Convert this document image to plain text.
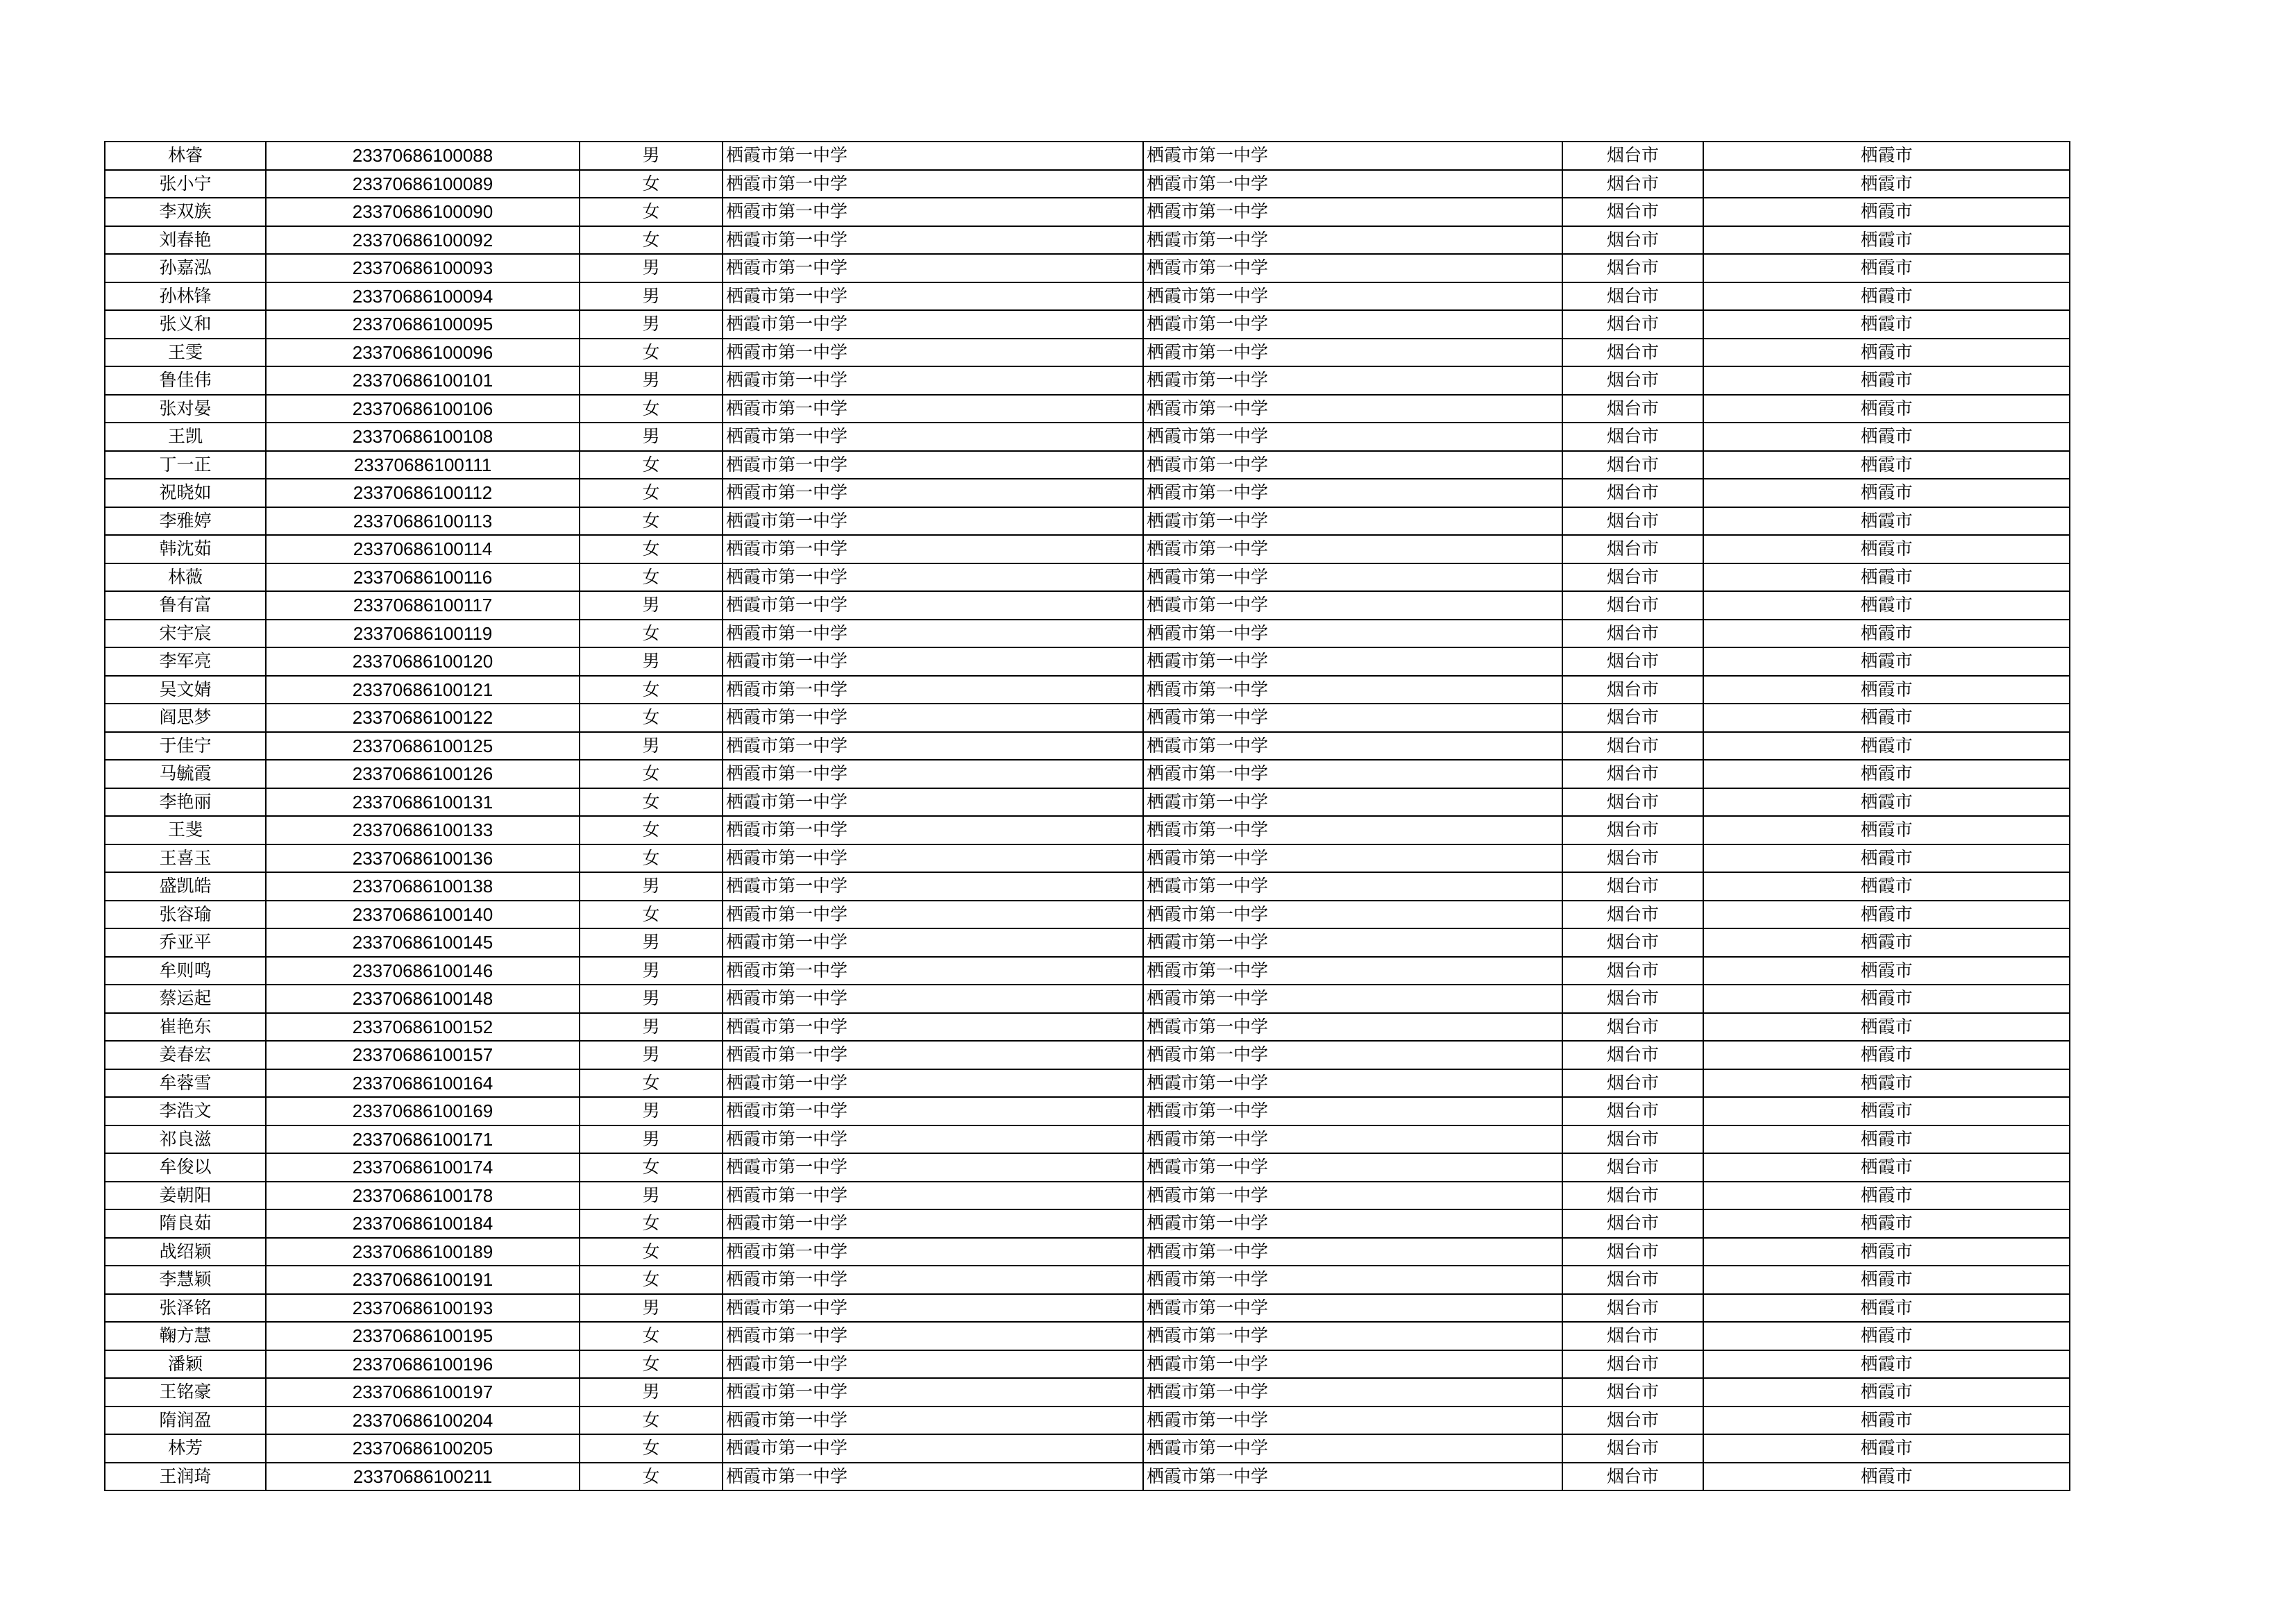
林睿	23370686100088	男	栖霞市第一中学	栖霞市第一中学	烟台市	栖霞市
张小宁	23370686100089	女	栖霞市第一中学	栖霞市第一中学	烟台市	栖霞市
李双族	23370686100090	女	栖霞市第一中学	栖霞市第一中学	烟台市	栖霞市
刘春艳	23370686100092	女	栖霞市第一中学	栖霞市第一中学	烟台市	栖霞市
孙嘉泓	23370686100093	男	栖霞市第一中学	栖霞市第一中学	烟台市	栖霞市
孙林锋	23370686100094	男	栖霞市第一中学	栖霞市第一中学	烟台市	栖霞市
张义和	23370686100095	男	栖霞市第一中学	栖霞市第一中学	烟台市	栖霞市
王雯	23370686100096	女	栖霞市第一中学	栖霞市第一中学	烟台市	栖霞市
鲁佳伟	23370686100101	男	栖霞市第一中学	栖霞市第一中学	烟台市	栖霞市
张对晏	23370686100106	女	栖霞市第一中学	栖霞市第一中学	烟台市	栖霞市
王凯	23370686100108	男	栖霞市第一中学	栖霞市第一中学	烟台市	栖霞市
丁一正	23370686100111	女	栖霞市第一中学	栖霞市第一中学	烟台市	栖霞市
祝晓如	23370686100112	女	栖霞市第一中学	栖霞市第一中学	烟台市	栖霞市
李雅婷	23370686100113	女	栖霞市第一中学	栖霞市第一中学	烟台市	栖霞市
韩沈茹	23370686100114	女	栖霞市第一中学	栖霞市第一中学	烟台市	栖霞市
林薇	23370686100116	女	栖霞市第一中学	栖霞市第一中学	烟台市	栖霞市
鲁有富	23370686100117	男	栖霞市第一中学	栖霞市第一中学	烟台市	栖霞市
宋宇宸	23370686100119	女	栖霞市第一中学	栖霞市第一中学	烟台市	栖霞市
李军亮	23370686100120	男	栖霞市第一中学	栖霞市第一中学	烟台市	栖霞市
吴文婧	23370686100121	女	栖霞市第一中学	栖霞市第一中学	烟台市	栖霞市
阎思梦	23370686100122	女	栖霞市第一中学	栖霞市第一中学	烟台市	栖霞市
于佳宁	23370686100125	男	栖霞市第一中学	栖霞市第一中学	烟台市	栖霞市
马毓霞	23370686100126	女	栖霞市第一中学	栖霞市第一中学	烟台市	栖霞市
李艳丽	23370686100131	女	栖霞市第一中学	栖霞市第一中学	烟台市	栖霞市
王斐	23370686100133	女	栖霞市第一中学	栖霞市第一中学	烟台市	栖霞市
王喜玉	23370686100136	女	栖霞市第一中学	栖霞市第一中学	烟台市	栖霞市
盛凯皓	23370686100138	男	栖霞市第一中学	栖霞市第一中学	烟台市	栖霞市
张容瑜	23370686100140	女	栖霞市第一中学	栖霞市第一中学	烟台市	栖霞市
乔亚平	23370686100145	男	栖霞市第一中学	栖霞市第一中学	烟台市	栖霞市
牟则鸣	23370686100146	男	栖霞市第一中学	栖霞市第一中学	烟台市	栖霞市
蔡运起	23370686100148	男	栖霞市第一中学	栖霞市第一中学	烟台市	栖霞市
崔艳东	23370686100152	男	栖霞市第一中学	栖霞市第一中学	烟台市	栖霞市
姜春宏	23370686100157	男	栖霞市第一中学	栖霞市第一中学	烟台市	栖霞市
牟蓉雪	23370686100164	女	栖霞市第一中学	栖霞市第一中学	烟台市	栖霞市
李浩文	23370686100169	男	栖霞市第一中学	栖霞市第一中学	烟台市	栖霞市
祁良滋	23370686100171	男	栖霞市第一中学	栖霞市第一中学	烟台市	栖霞市
牟俊以	23370686100174	女	栖霞市第一中学	栖霞市第一中学	烟台市	栖霞市
姜朝阳	23370686100178	男	栖霞市第一中学	栖霞市第一中学	烟台市	栖霞市
隋良茹	23370686100184	女	栖霞市第一中学	栖霞市第一中学	烟台市	栖霞市
战绍颖	23370686100189	女	栖霞市第一中学	栖霞市第一中学	烟台市	栖霞市
李慧颖	23370686100191	女	栖霞市第一中学	栖霞市第一中学	烟台市	栖霞市
张泽铭	23370686100193	男	栖霞市第一中学	栖霞市第一中学	烟台市	栖霞市
鞠方慧	23370686100195	女	栖霞市第一中学	栖霞市第一中学	烟台市	栖霞市
潘颖	23370686100196	女	栖霞市第一中学	栖霞市第一中学	烟台市	栖霞市
王铭豪	23370686100197	男	栖霞市第一中学	栖霞市第一中学	烟台市	栖霞市
隋润盈	23370686100204	女	栖霞市第一中学	栖霞市第一中学	烟台市	栖霞市
林芳	23370686100205	女	栖霞市第一中学	栖霞市第一中学	烟台市	栖霞市
王润琦	23370686100211	女	栖霞市第一中学	栖霞市第一中学	烟台市	栖霞市
